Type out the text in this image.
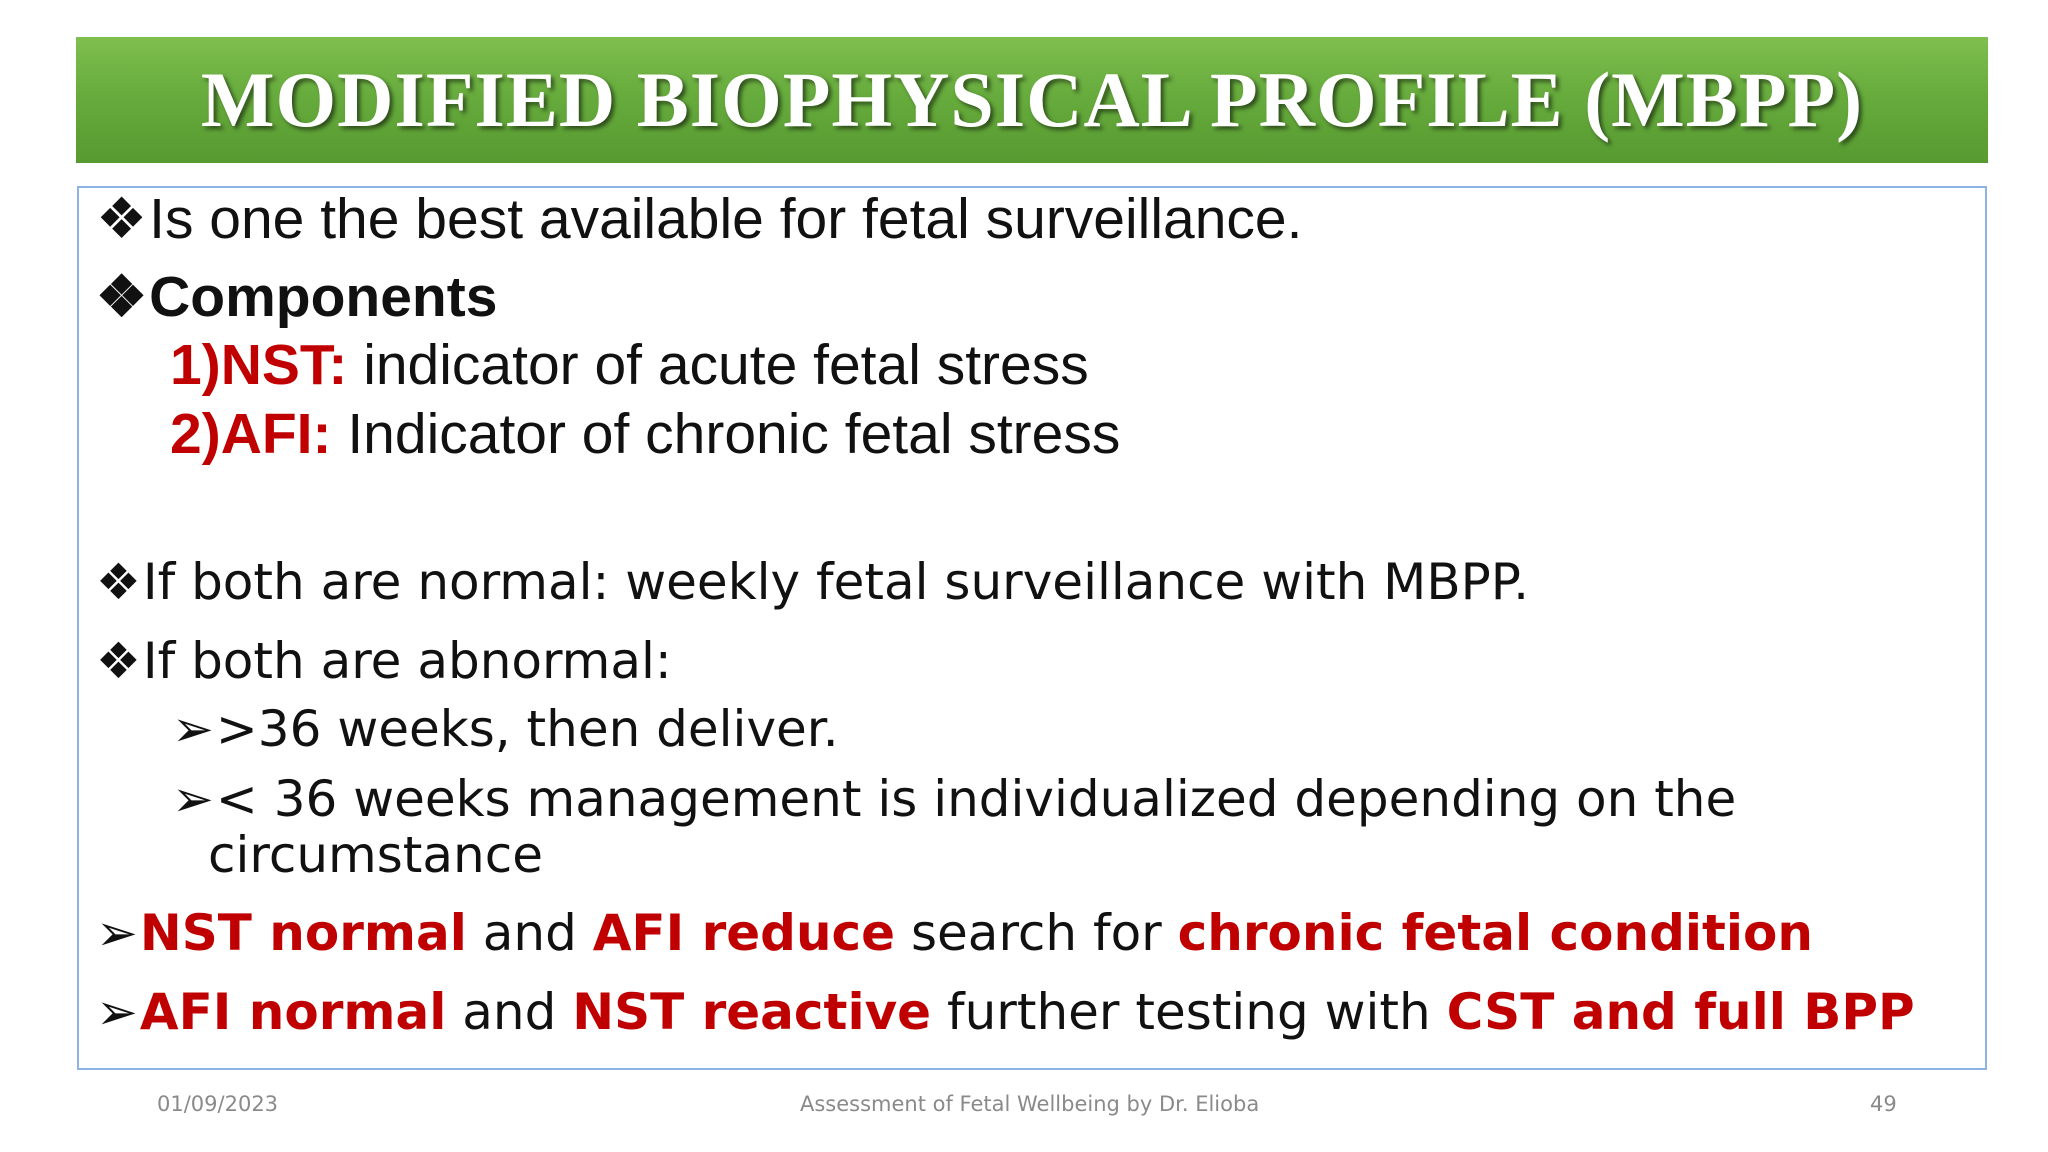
MODIFIED BIOPHYSICAL PROFILE (MBPP)
❖Is one the best available for fetal surveillance.
❖Components
1)NST: indicator of acute fetal stress
2)AFI: Indicator of chronic fetal stress
❖If both are normal: weekly fetal surveillance with MBPP.
❖If both are abnormal:
➢>36 weeks, then deliver.
➢< 36 weeks management is individualized depending on the
circumstance
➢NST normal and AFI reduce search for chronic fetal condition
➢AFI normal and NST reactive further testing with CST and full BPP
01/09/2023	Assessment of Fetal Wellbeing by Dr. Elioba	49
